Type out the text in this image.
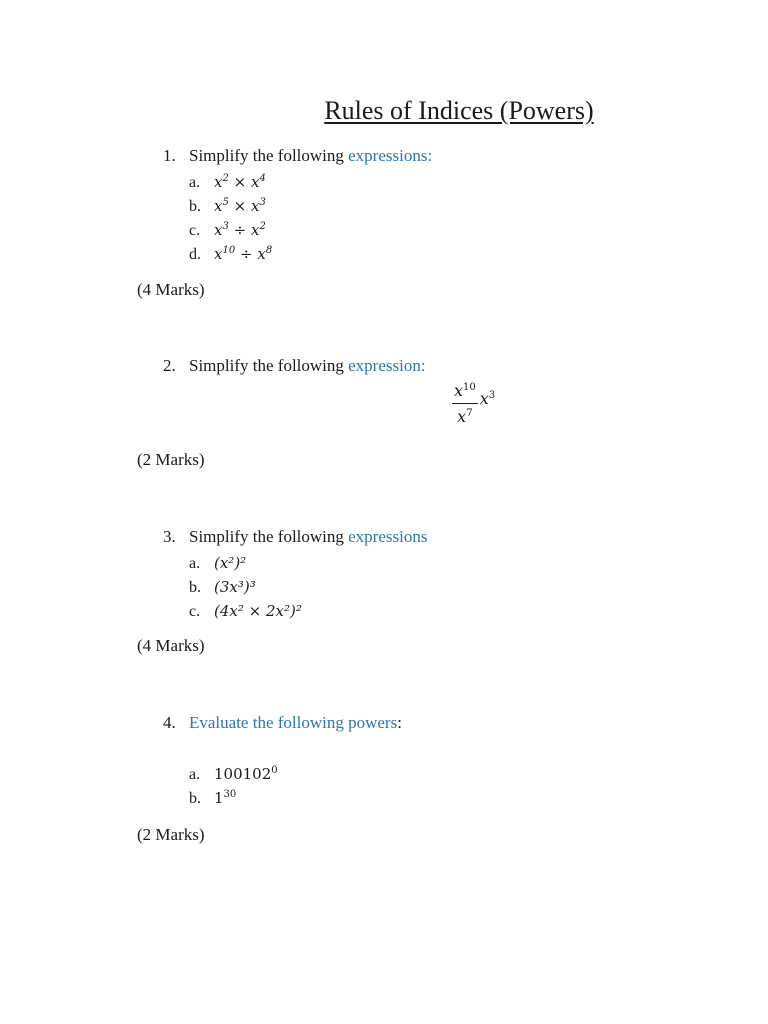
Rules of Indices (Powers)
1. Simplify the following expressions:
a. $x^2 \times x^4$
b. $x^5 \times x^3$
c. $x^3 \div x^2$
d. $x^{10} \div x^8$
(4 Marks)
2. Simplify the following expression:
$\frac{x^{10}}{x^7} x^3$
(2 Marks)
3. Simplify the following expressions
a. (x²)²
b. (3x³)³
c. (4x² × 2x²)²
(4 Marks)
4. Evaluate the following powers:
a. 100102$^0$
b. $1^{30}$
(2 Marks)
